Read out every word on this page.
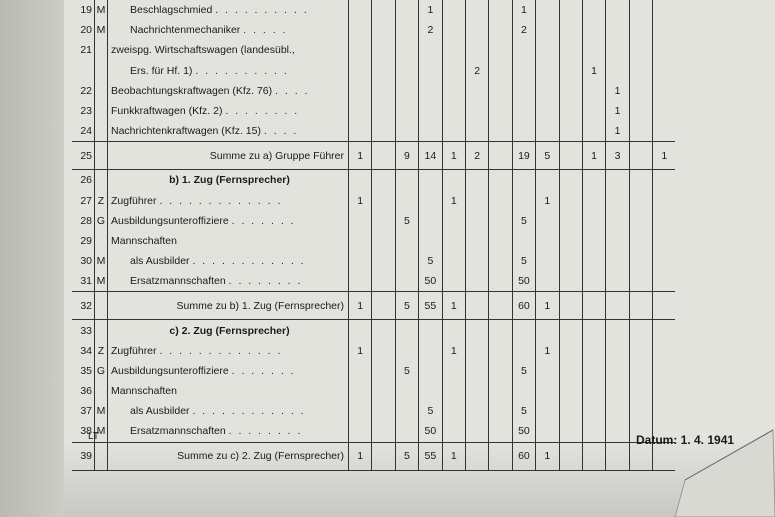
19	M	Beschlagschmied . . . . . . . . . .				1				1						
20	M	Nachrichtenmechaniker . . . . .				2				2						
21		zweispg. Wirtschaftswagen (landesübl.,														
		Ers. für Hf. 1) . . . . . . . . . .						2					1			
22		Beobachtungskraftwagen (Kfz. 76) . . . .												1		
23		Funkkraftwagen (Kfz. 2) . . . . . . . .												1		
24		Nachrichtenkraftwagen (Kfz. 15) . . . .												1		
25		Summe zu a) Gruppe Führer	1		9	14	1	2		19	5		1	3		1
26		b) 1. Zug (Fernsprecher)														
27	Z	Zugführer . . . . . . . . . . . . .	1				1				1					
28	G	Ausbildungsunteroffiziere . . . . . . .			5					5						
29		Mannschaften														
30	M	als Ausbilder . . . . . . . . . . . .				5				5						
31	M	Ersatzmannschaften . . . . . . . .				50				50						
32		Summe zu b) 1. Zug (Fernsprecher)	1		5	55	1			60	1					
33		c) 2. Zug (Fernsprecher)														
34	Z	Zugführer . . . . . . . . . . . . .	1				1				1					
35	G	Ausbildungsunteroffiziere . . . . . . .			5					5						
36		Mannschaften														
37	M	als Ausbilder . . . . . . . . . . . .				5				5						
38	M	Ersatzmannschaften . . . . . . . .				50				50						
39		Summe zu c) 2. Zug (Fernsprecher)	1		5	55	1			60	1					
LT	Datum: 1. 4. 1941
